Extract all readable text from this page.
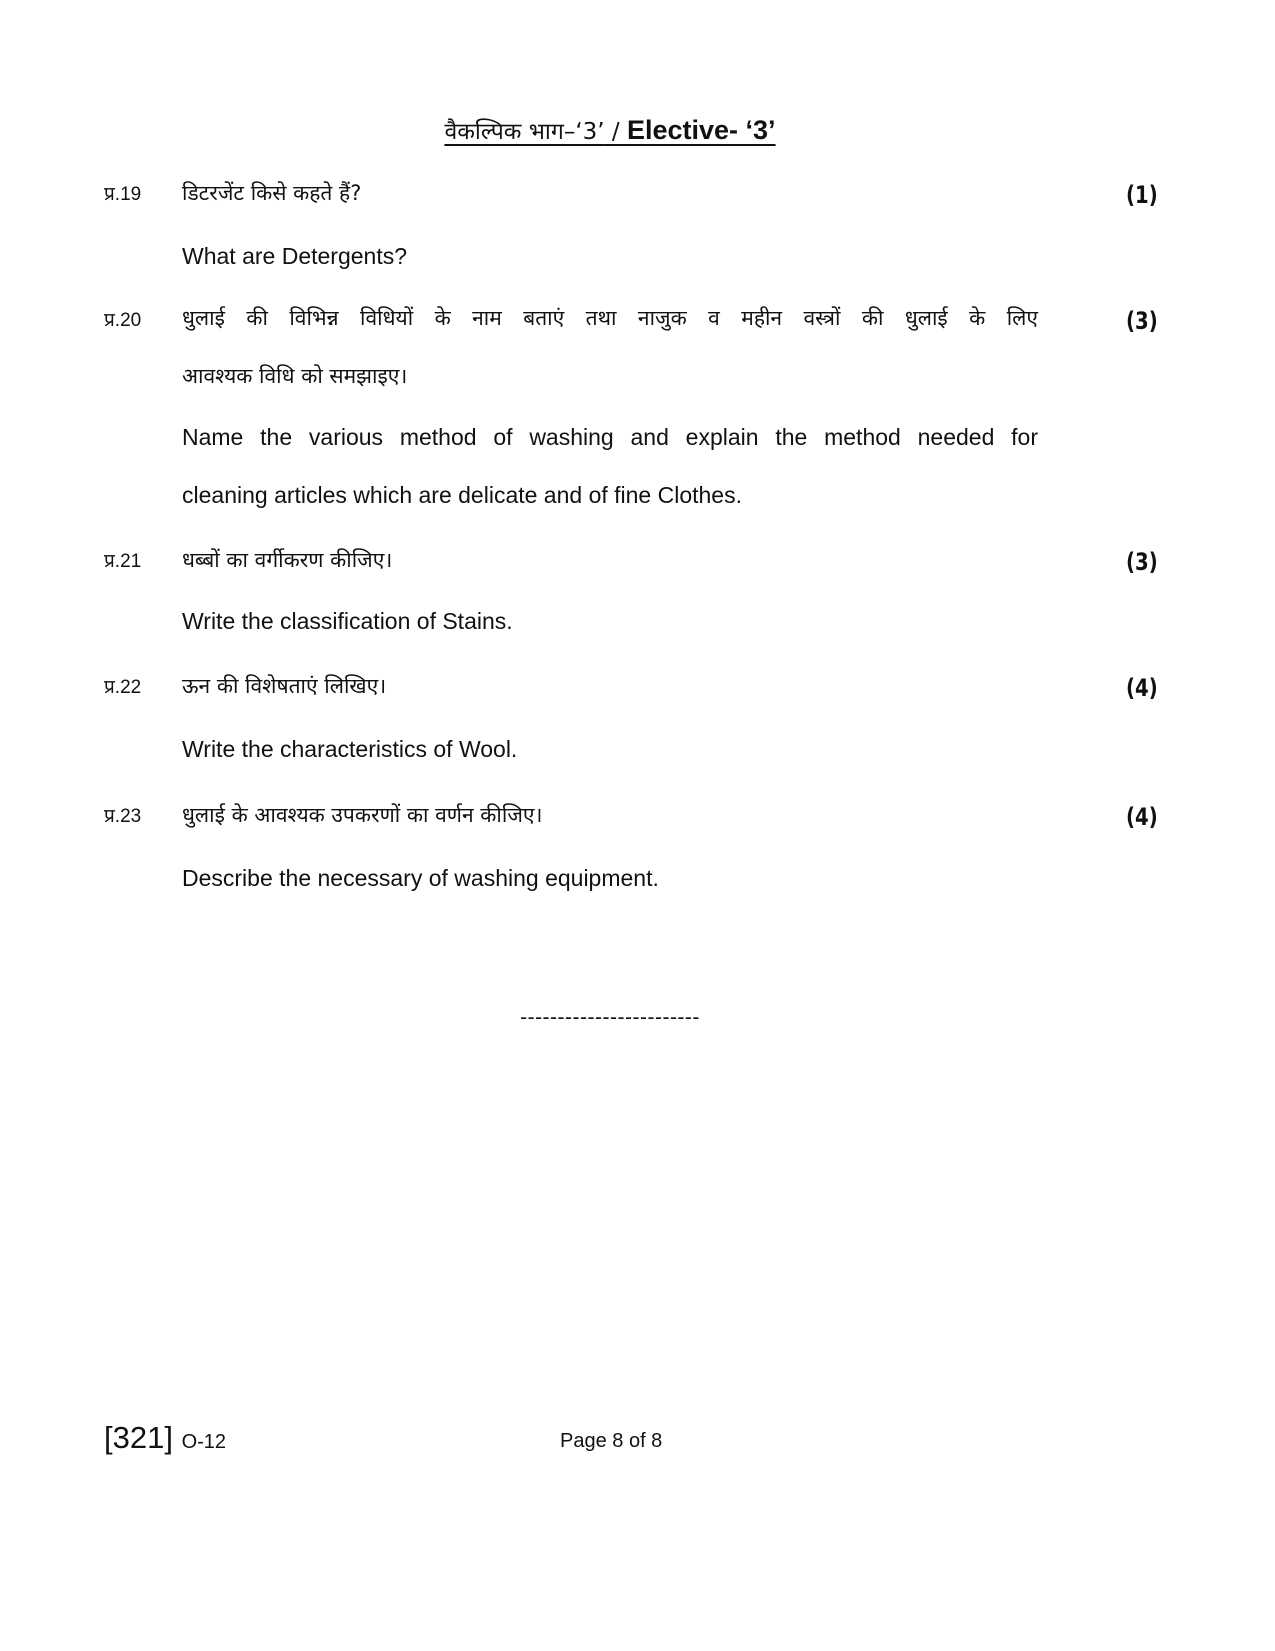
वैकल्पिक भाग–‘3’ / Elective- ‘3’
प्र.19 डिटरजेंट किसे कहते हैं?	(1)
What are Detergents?
प्र.20 धुलाई की विभिन्न विधियों के नाम बताएं तथा नाजुक व महीन वस्त्रों की धुलाई के लिए	(3)
आवश्यक विधि को समझाइए।
Name the various method of washing and explain the method needed for
cleaning articles which are delicate and of fine Clothes.
प्र.21 धब्बों का वर्गीकरण कीजिए।	(3)
Write the classification of Stains.
प्र.22 ऊन की विशेषताएं लिखिए।	(4)
Write the characteristics of Wool.
प्र.23 धुलाई के आवश्यक उपकरणों का वर्णन कीजिए।	(4)
Describe the necessary of washing equipment.
------------------------
[321] O-12	Page 8 of 8
